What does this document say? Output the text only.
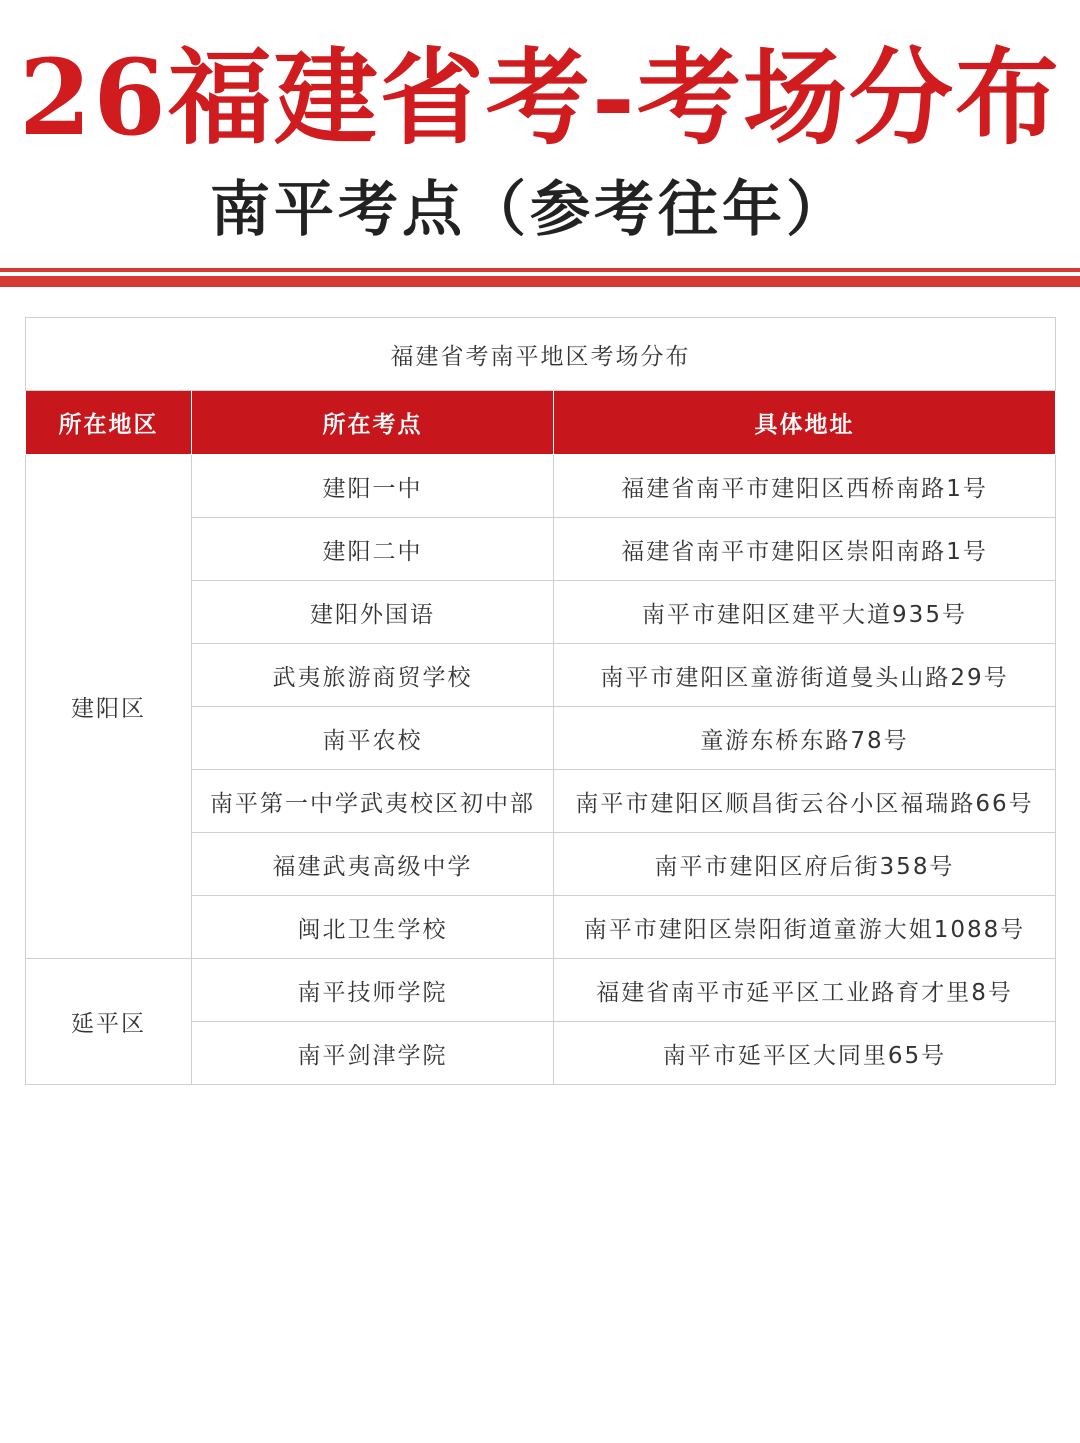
26福建省考-考场分布
南平考点（参考往年）
福建省考南平地区考场分布		
所在地区	所在考点	具体地址
建阳区	建阳一中	福建省南平市建阳区西桥南路1号
	建阳二中	福建省南平市建阳区崇阳南路1号
	建阳外国语	南平市建阳区建平大道935号
	武夷旅游商贸学校	南平市建阳区童游街道曼头山路29号
	南平农校	童游东桥东路78号
	南平第一中学武夷校区初中部	南平市建阳区顺昌街云谷小区福瑞路66号
	福建武夷高级中学	南平市建阳区府后街358号
	闽北卫生学校	南平市建阳区崇阳街道童游大姐1088号
延平区	南平技师学院	福建省南平市延平区工业路育才里8号
	南平剑津学院	南平市延平区大同里65号
